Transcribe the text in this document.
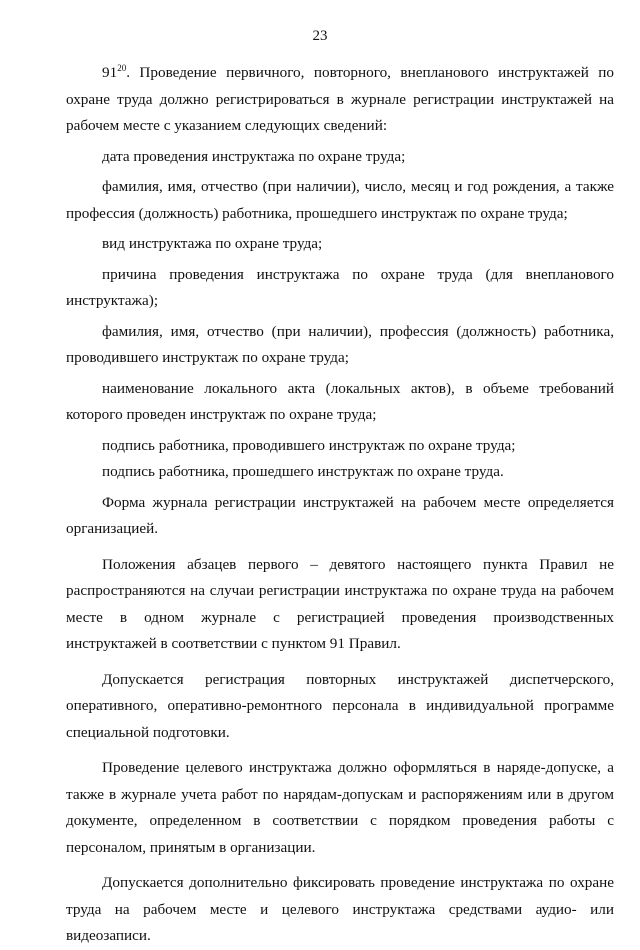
23

$91^{20}$. Проведение первичного, повторного, внепланового инструктажей по охране труда должно регистрироваться в журнале регистрации инструктажей на рабочем месте с указанием следующих сведений:

дата проведения инструктажа по охране труда;

фамилия, имя, отчество (при наличии), число, месяц и год рождения, а также профессия (должность) работника, прошедшего инструктаж по охране труда;

вид инструктажа по охране труда;

причина проведения инструктажа по охране труда (для внепланового инструктажа);

фамилия, имя, отчество (при наличии), профессия (должность) работника, проводившего инструктаж по охране труда;

наименование локального акта (локальных актов), в объеме требований которого проведен инструктаж по охране труда;

подпись работника, проводившего инструктаж по охране труда;

подпись работника, прошедшего инструктаж по охране труда.

Форма журнала регистрации инструктажей на рабочем месте определяется организацией.

Положения абзацев первого – девятого настоящего пункта Правил не распространяются на случаи регистрации инструктажа по охране труда на рабочем месте в одном журнале с регистрацией проведения производственных инструктажей в соответствии с пунктом 91 Правил.

Допускается регистрация повторных инструктажей диспетчерского, оперативного, оперативно-ремонтного персонала в индивидуальной программе специальной подготовки.

Проведение целевого инструктажа должно оформляться в наряде-допуске, а также в журнале учета работ по нарядам-допускам и распоряжениям или в другом документе, определенном в соответствии с порядком проведения работы с персоналом, принятым в организации.

Допускается дополнительно фиксировать проведение инструктажа по охране труда на рабочем месте и целевого инструктажа средствами аудио- или видеозаписи.
